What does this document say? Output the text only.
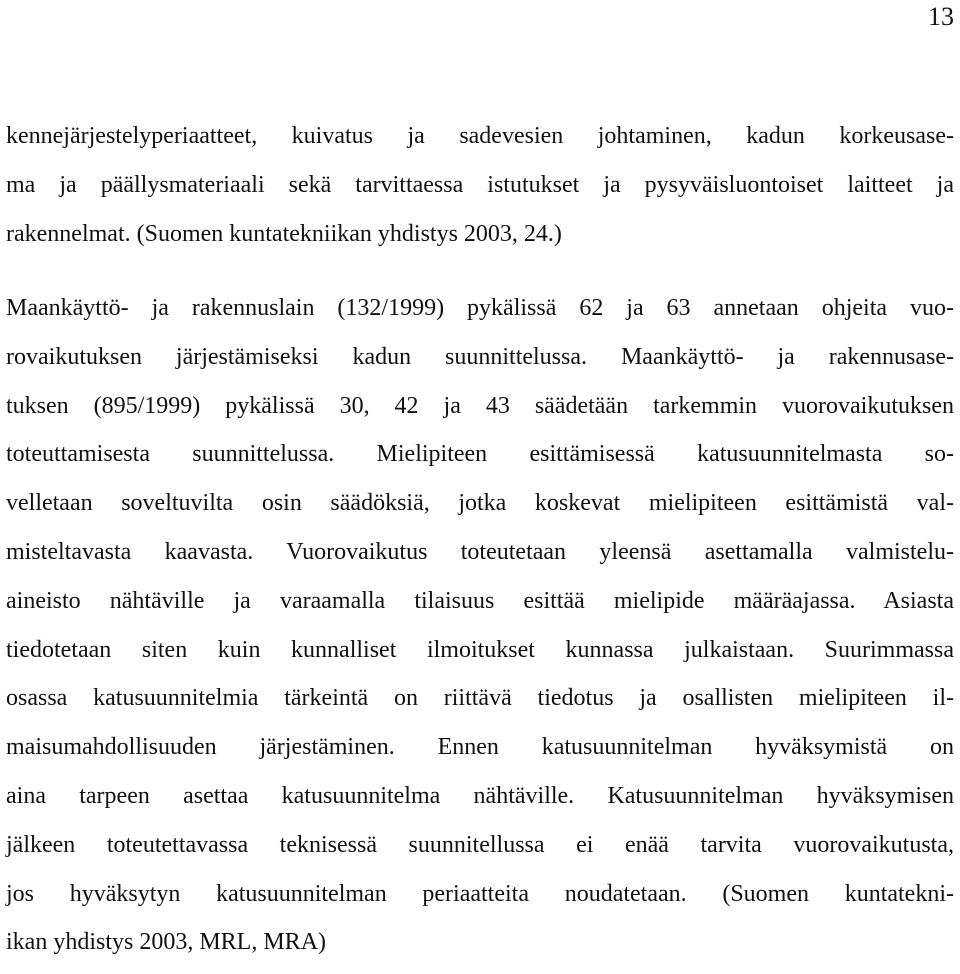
13
kennejärjestelyperiaatteet, kuivatus ja sadevesien johtaminen, kadun korkeusase-
ma ja päällysmateriaali sekä tarvittaessa istutukset ja pysyväisluontoiset laitteet ja
rakennelmat. (Suomen kuntatekniikan yhdistys 2003, 24.)
Maankäyttö- ja rakennuslain (132/1999) pykälissä 62 ja 63 annetaan ohjeita vuo-
rovaikutuksen järjestämiseksi kadun suunnittelussa. Maankäyttö- ja rakennusase-
tuksen (895/1999) pykälissä 30, 42 ja 43 säädetään tarkemmin vuorovaikutuksen
toteuttamisesta suunnittelussa. Mielipiteen esittämisessä katusuunnitelmasta so-
velletaan soveltuvilta osin säädöksiä, jotka koskevat mielipiteen esittämistä val-
misteltavasta kaavasta. Vuorovaikutus toteutetaan yleensä asettamalla valmistelu-
aineisto nähtäville ja varaamalla tilaisuus esittää mielipide määräajassa. Asiasta
tiedotetaan siten kuin kunnalliset ilmoitukset kunnassa julkaistaan. Suurimmassa
osassa katusuunnitelmia tärkeintä on riittävä tiedotus ja osallisten mielipiteen il-
maisumahdollisuuden järjestäminen. Ennen katusuunnitelman hyväksymistä on
aina tarpeen asettaa katusuunnitelma nähtäville. Katusuunnitelman hyväksymisen
jälkeen toteutettavassa teknisessä suunnitellussa ei enää tarvita vuorovaikutusta,
jos hyväksytyn katusuunnitelman periaatteita noudatetaan. (Suomen kuntatekni-
ikan yhdistys 2003, MRL, MRA)
